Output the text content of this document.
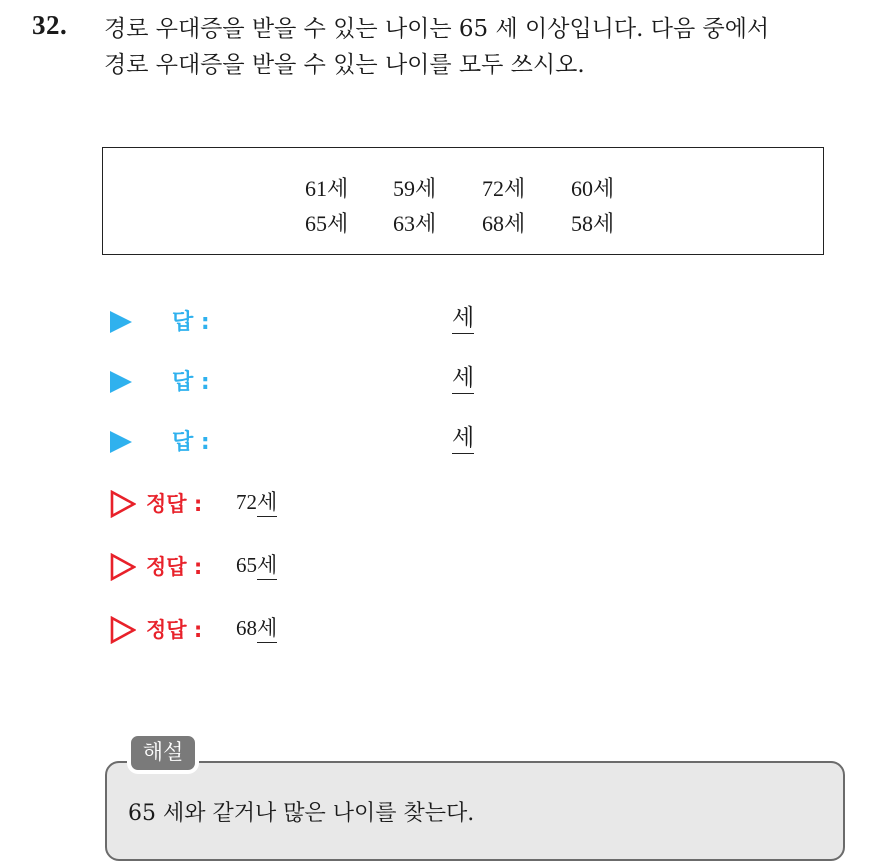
32. 경로 우대증을 받을 수 있는 나이는 65 세 이상입니다. 다음 중에서
경로 우대증을 받을 수 있는 나이를 모두 쓰시오.
61세 59세 72세 60세
65세 63세 68세 58세
답 :	세
답 :	세
답 :	세
정답 : 72세
정답 : 65세
정답 : 68세
해설
65 세와 같거나 많은 나이를 찾는다.
